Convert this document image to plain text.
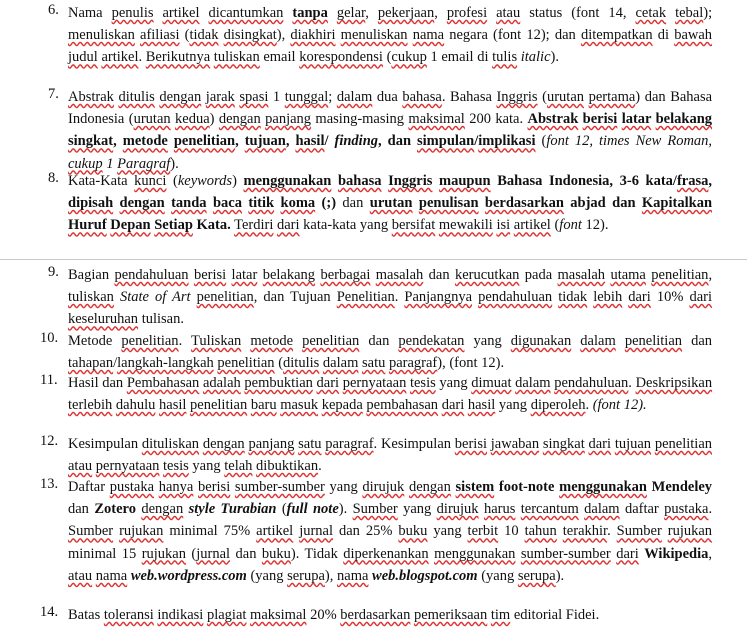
6. Nama penulis artikel dicantumkan tanpa gelar, pekerjaan, profesi atau status (font 14, cetak tebal); menuliskan afiliasi (tidak disingkat), diakhiri menuliskan nama negara (font 12); dan ditempatkan di bawah judul artikel. Berikutnya tuliskan email korespondensi (cukup 1 email di tulis italic).
7. Abstrak ditulis dengan jarak spasi 1 tunggal; dalam dua bahasa. Bahasa Inggris (urutan pertama) dan Bahasa Indonesia (urutan kedua) dengan panjang masing-masing maksimal 200 kata. Abstrak berisi latar belakang singkat, metode penelitian, tujuan, hasil/ finding, dan simpulan/implikasi (font 12, times New Roman, cukup 1 Paragraf).
8. Kata-Kata kunci (keywords) menggunakan bahasa Inggris maupun Bahasa Indonesia, 3-6 kata/frasa, dipisah dengan tanda baca titik koma (;) dan urutan penulisan berdasarkan abjad dan Kapitalkan Huruf Depan Setiap Kata. Terdiri dari kata-kata yang bersifat mewakili isi artikel (font 12).
9. Bagian pendahuluan berisi latar belakang berbagai masalah dan kerucutkan pada masalah utama penelitian, tuliskan State of Art penelitian, dan Tujuan Penelitian. Panjangnya pendahuluan tidak lebih dari 10% dari keseluruhan tulisan.
10. Metode penelitian. Tuliskan metode penelitian dan pendekatan yang digunakan dalam penelitian dan tahapan/langkah-langkah penelitian (ditulis dalam satu paragraf), (font 12).
11. Hasil dan Pembahasan adalah pembuktian dari pernyataan tesis yang dimuat dalam pendahuluan. Deskripsikan terlebih dahulu hasil penelitian baru masuk kepada pembahasan dari hasil yang diperoleh. (font 12).
12. Kesimpulan dituliskan dengan panjang satu paragraf. Kesimpulan berisi jawaban singkat dari tujuan penelitian atau pernyataan tesis yang telah dibuktikan.
13. Daftar pustaka hanya berisi sumber-sumber yang dirujuk dengan sistem foot-note menggunakan Mendeley dan Zotero dengan style Turabian (full note). Sumber yang dirujuk harus tercantum dalam daftar pustaka. Sumber rujukan minimal 75% artikel jurnal dan 25% buku yang terbit 10 tahun terakhir. Sumber rujukan minimal 15 rujukan (jurnal dan buku). Tidak diperkenankan menggunakan sumber-sumber dari Wikipedia, atau nama web.wordpress.com (yang serupa), nama web.blogspot.com (yang serupa).
14. Batas toleransi indikasi plagiat maksimal 20% berdasarkan pemeriksaan tim editorial Fidei.
